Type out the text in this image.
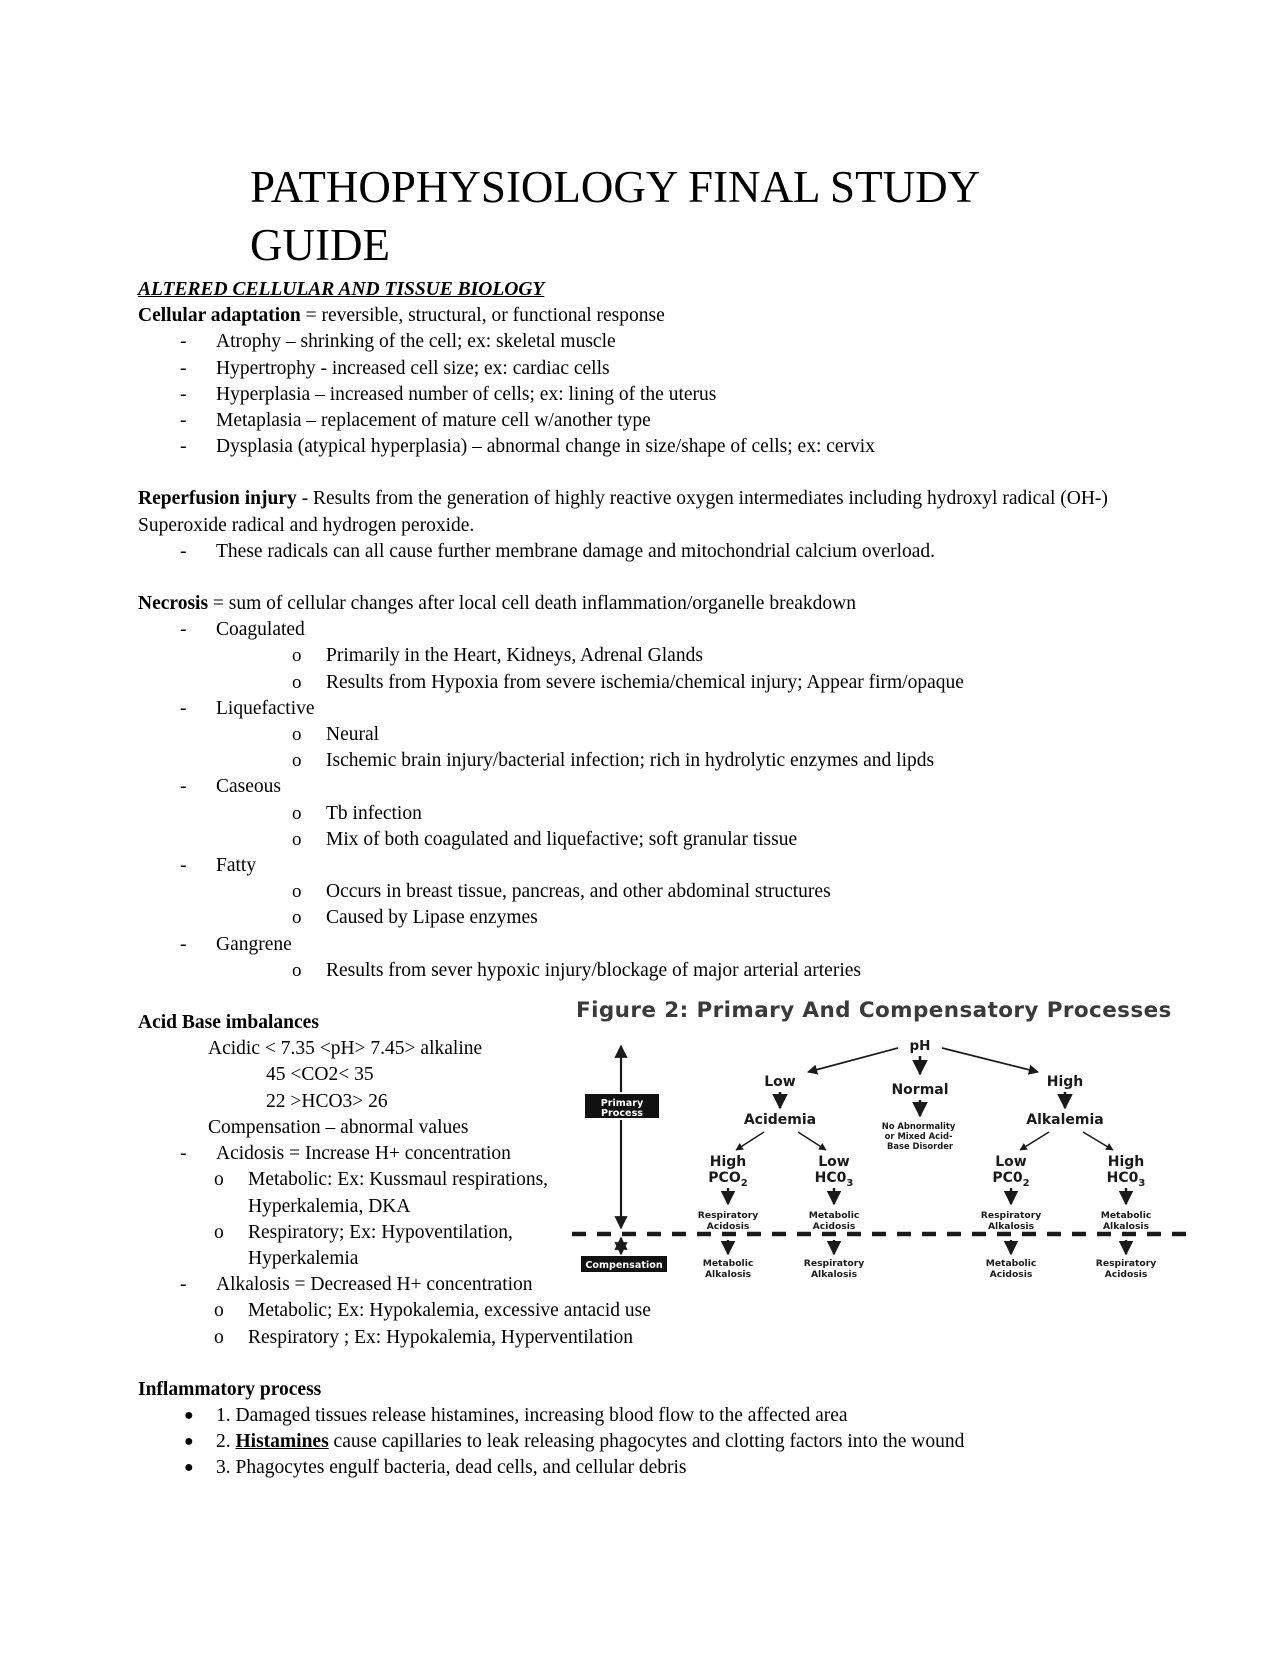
PATHOPHYSIOLOGY FINAL STUDY GUIDE
ALTERED CELLULAR AND TISSUE BIOLOGY
Cellular adaptation = reversible, structural, or functional response
-	Atrophy – shrinking of the cell; ex: skeletal muscle
-	Hypertrophy - increased cell size; ex: cardiac cells
-	Hyperplasia – increased number of cells; ex: lining of the uterus
-	Metaplasia – replacement of mature cell w/another type
-	Dysplasia (atypical hyperplasia) – abnormal change in size/shape of cells; ex: cervix
Reperfusion injury - Results from the generation of highly reactive oxygen intermediates including hydroxyl radical (OH-) Superoxide radical and hydrogen peroxide.
-	These radicals can all cause further membrane damage and mitochondrial calcium overload.
Necrosis = sum of cellular changes after local cell death inflammation/organelle breakdown
-	Coagulated
o	Primarily in the Heart, Kidneys, Adrenal Glands
o	Results from Hypoxia from severe ischemia/chemical injury; Appear firm/opaque
-	Liquefactive
o	Neural
o	Ischemic brain injury/bacterial infection; rich in hydrolytic enzymes and lipds
-	Caseous
o	Tb infection
o	Mix of both coagulated and liquefactive; soft granular tissue
-	Fatty
o	Occurs in breast tissue, pancreas, and other abdominal structures
o	Caused by Lipase enzymes
-	Gangrene
o	Results from sever hypoxic injury/blockage of major arterial arteries
Acid Base imbalances
Acidic < 7.35 <pH> 7.45> alkaline
45 <CO2< 35
22 >HCO3> 26
Compensation – abnormal values
- Acidosis = Increase H+ concentration
o Metabolic: Ex: Kussmaul respirations, Hyperkalemia, DKA
o Respiratory; Ex: Hypoventilation, Hyperkalemia
- Alkalosis = Decreased H+ concentration
o Metabolic; Ex: Hypokalemia, excessive antacid use
o Respiratory ; Ex: Hypokalemia, Hyperventilation
Inflammatory process
● 1. Damaged tissues release histamines, increasing blood flow to the affected area
● 2. Histamines cause capillaries to leak releasing phagocytes and clotting factors into the wound
● 3. Phagocytes engulf bacteria, dead cells, and cellular debris
Figure 2: Primary And Compensatory Processes
pH
Low	Normal	High
Acidemia	Alkalemia
No Abnormality or Mixed Acid- Base Disorder
High
$PCO_2$
Respiratory Acidosis
Metabolic Alkalosis
Low
$HC0_3$
Metabolic Acidosis
Respiratory Alkalosis
Low
$PC0_2$
Respiratory Alkalosis
Metabolic Acidosis
High
$HC0_3$
Metabolic Alkalosis
Respiratory Acidosis
Primary Process
Compensation
